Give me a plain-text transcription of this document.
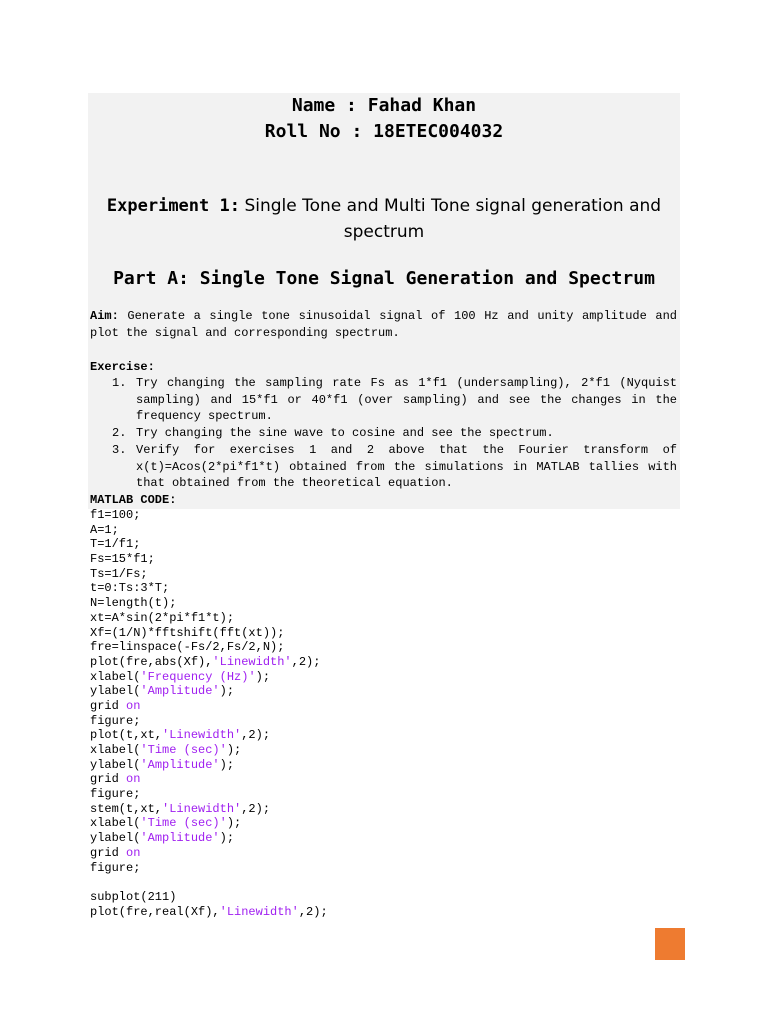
Name : Fahad Khan
Roll No : 18ETEC004032
Experiment 1: Single Tone and Multi Tone signal generation and spectrum
Part A: Single Tone Signal Generation and Spectrum
Aim: Generate a single tone sinusoidal signal of 100 Hz and unity amplitude and plot the signal and corresponding spectrum.
Exercise:
1. Try changing the sampling rate Fs as 1*f1 (undersampling), 2*f1 (Nyquist sampling) and 15*f1 or 40*f1 (over sampling) and see the changes in the frequency spectrum.
2. Try changing the sine wave to cosine and see the spectrum.
3. Verify for exercises 1 and 2 above that the Fourier transform of x(t)=Acos(2*pi*f1*t) obtained from the simulations in MATLAB tallies with that obtained from the theoretical equation.
MATLAB CODE:
f1=100;
A=1;
T=1/f1;
Fs=15*f1;
Ts=1/Fs;
t=0:Ts:3*T;
N=length(t);
xt=A*sin(2*pi*f1*t);
Xf=(1/N)*fftshift(fft(xt));
fre=linspace(-Fs/2,Fs/2,N);
plot(fre,abs(Xf),'Linewidth',2);
xlabel('Frequency (Hz)');
ylabel('Amplitude');
grid on
figure;
plot(t,xt,'Linewidth',2);
xlabel('Time (sec)');
ylabel('Amplitude');
grid on
figure;
stem(t,xt,'Linewidth',2);
xlabel('Time (sec)');
ylabel('Amplitude');
grid on
figure;
subplot(211)
plot(fre,real(Xf),'Linewidth',2);
